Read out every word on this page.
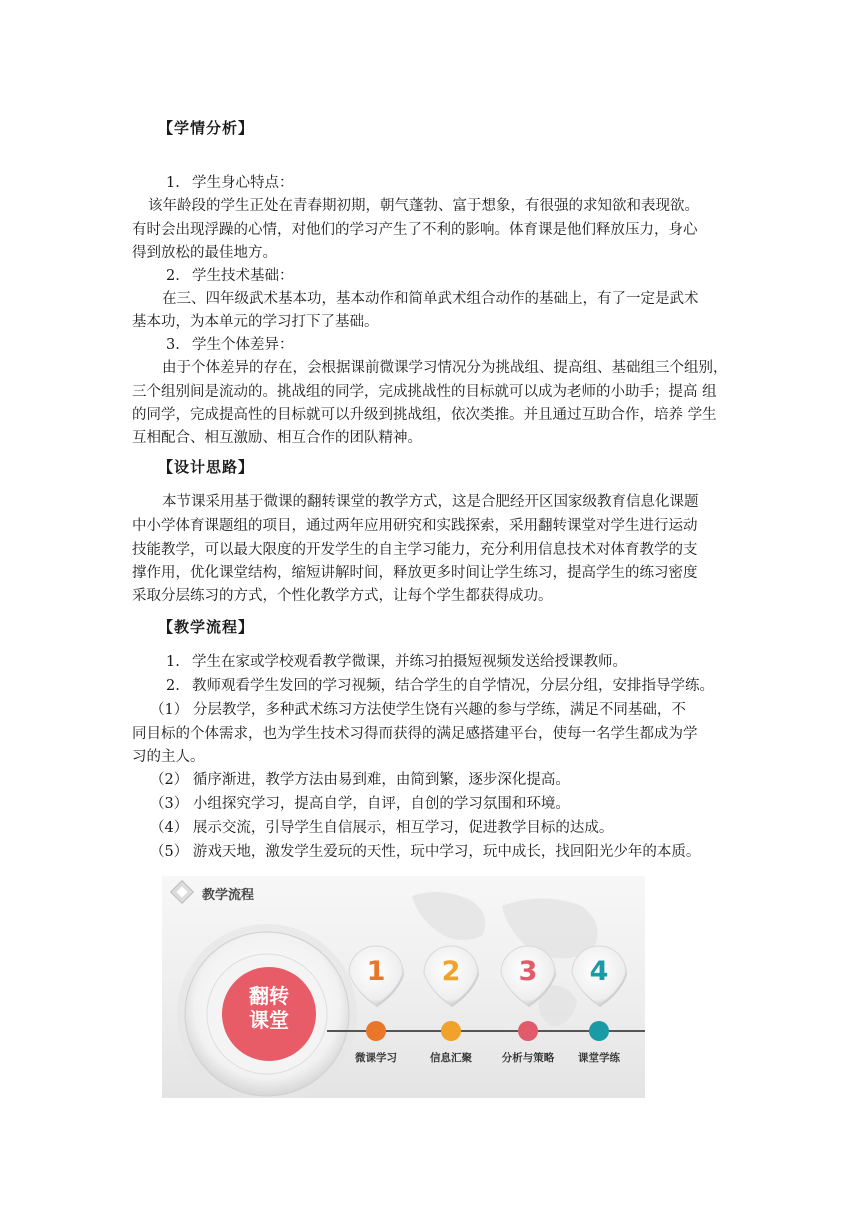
【学情分析】
1. 学生身心特点：
该年龄段的学生正处在青春期初期，朝气蓬勃、富于想象，有很强的求知欲和表现欲。
有时会出现浮躁的心情，对他们的学习产生了不利的影响。体育课是他们释放压力，身心
得到放松的最佳地方。
2. 学生技术基础：
在三、四年级武术基本功，基本动作和简单武术组合动作的基础上，有了一定是武术
基本功，为本单元的学习打下了基础。
3. 学生个体差异：
由于个体差异的存在，会根据课前微课学习情况分为挑战组、提高组、基础组三个组别，
三个组别间是流动的。挑战组的同学，完成挑战性的目标就可以成为老师的小助手；提高 组
的同学，完成提高性的目标就可以升级到挑战组，依次类推。并且通过互助合作，培养 学生
互相配合、相互激励、相互合作的团队精神。
【设计思路】
本节课采用基于微课的翻转课堂的教学方式，这是合肥经开区国家级教育信息化课题
中小学体育课题组的项目，通过两年应用研究和实践探索，采用翻转课堂对学生进行运动
技能教学，可以最大限度的开发学生的自主学习能力，充分利用信息技术对体育教学的支
撑作用，优化课堂结构，缩短讲解时间，释放更多时间让学生练习，提高学生的练习密度
采取分层练习的方式，个性化教学方式，让每个学生都获得成功。
【教学流程】
1. 学生在家或学校观看教学微课，并练习拍摄短视频发送给授课教师。
2. 教师观看学生发回的学习视频，结合学生的自学情况，分层分组，安排指导学练。
（1） 分层教学，多种武术练习方法使学生饶有兴趣的参与学练，满足不同基础，不
同目标的个体需求，也为学生技术习得而获得的满足感搭建平台，使每一名学生都成为学
习的主人。
（2） 循序渐进，教学方法由易到难，由简到繁，逐步深化提高。
（3） 小组探究学习，提高自学，自评，自创的学习氛围和环境。
（4） 展示交流，引导学生自信展示，相互学习，促进教学目标的达成。
（5） 游戏天地，激发学生爱玩的天性，玩中学习，玩中成长，找回阳光少年的本质。
教学流程
翻转
课堂
1
微课学习
2
信息汇聚
3
分析与策略
4
课堂学练
